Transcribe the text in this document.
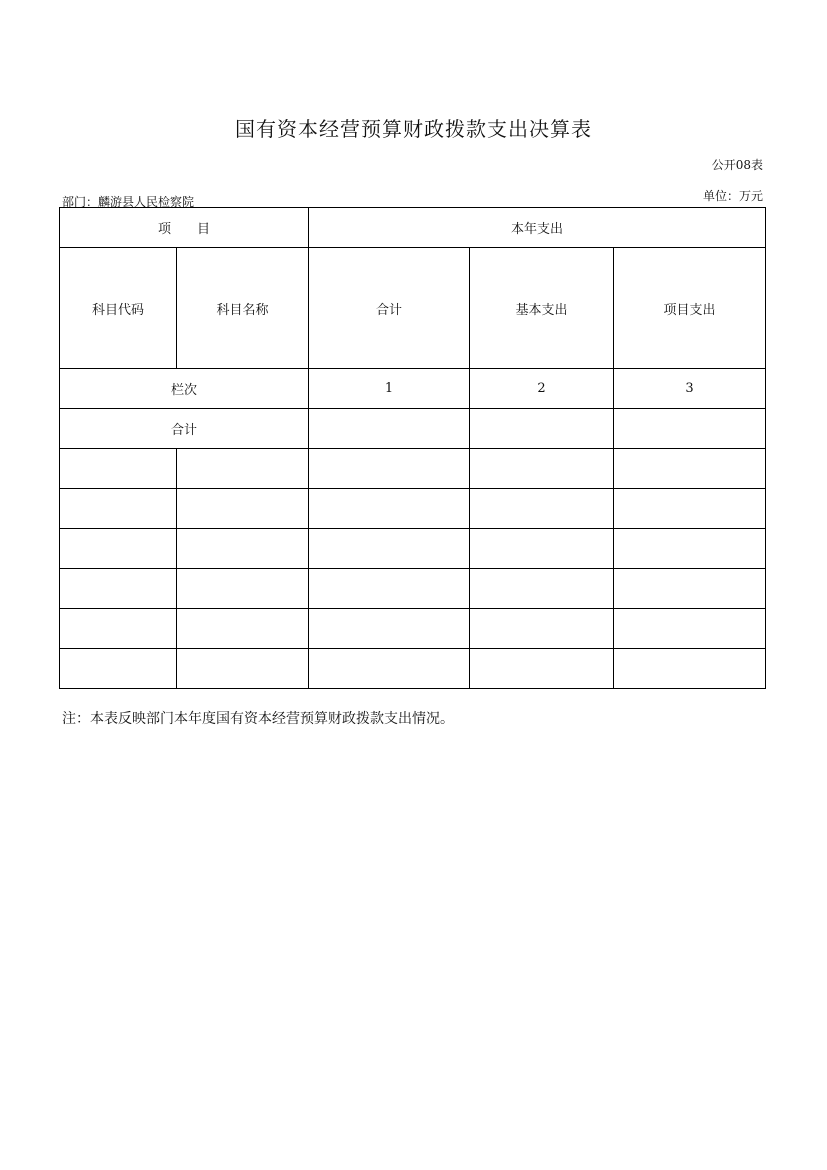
国有资本经营预算财政拨款支出决算表
公开08表
部门：麟游县人民检察院	单位：万元
项　　目		本年支出		
科目代码	科目名称	合计	基本支出	项目支出
栏次		1	2	3
合计				

注：本表反映部门本年度国有资本经营预算财政拨款支出情况。
